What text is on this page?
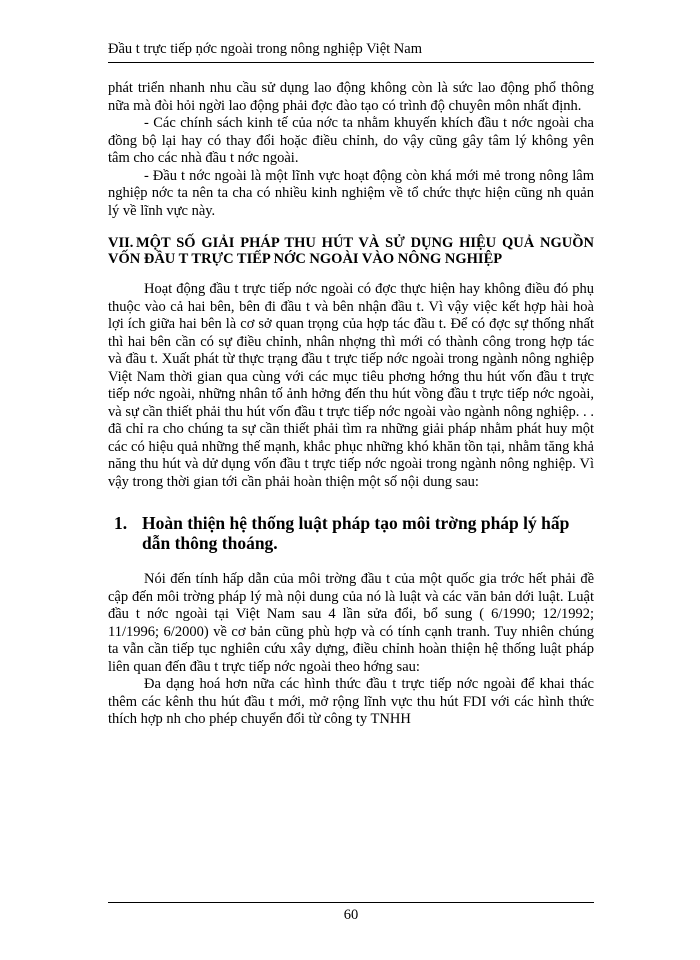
Đầu t trực tiếp ṇớc ngoài trong nông nghiệp Việt Nam

phát triển nhanh nhu cầu sử dụng lao động không còn là sức lao động phổ thông nữa mà đòi hỏi ngời lao động phải đợc đào tạo có trình độ chuyên môn nhất định.

- Các chính sách kinh tế của nớc ta nhằm khuyến khích đầu t nớc ngoài cha đồng bộ lại hay có thay đổi hoặc điều chỉnh, do vậy cũng gây tâm lý không yên tâm cho các nhà đầu t nớc ngoài.

- Đầu t nớc ngoài là một lĩnh vực hoạt động còn khá mới mẻ trong nông lâm nghiệp nớc ta nên ta cha có nhiều kinh nghiệm về tổ chức thực hiện cũng nh quản lý về lĩnh vực này.

VII. MỘT SỐ GIẢI PHÁP THU HÚT VÀ SỬ DỤNG HIỆU QUẢ NGUỒN VỐN ĐẦU T TRỰC TIẾP NỚC NGOÀI VÀO NÔNG NGHIỆP

Hoạt động đầu t trực tiếp nớc ngoài có đợc thực hiện hay không điều đó phụ thuộc vào cả hai bên, bên đi đầu t và bên nhận đầu t. Vì vậy việc kết hợp hài hoà lợi ích giữa hai bên là cơ sở quan trọng của hợp tác đầu t. Để có đợc sự thống nhất thì hai bên cần có sự điều chỉnh, nhân nhợng thì mới có thành công trong hợp tác và đầu t. Xuất phát từ thực trạng đầu t trực tiếp nớc ngoài trong ngành nông nghiệp Việt Nam thời gian qua cùng với các mục tiêu phơng hớng thu hút vốn đầu t trực tiếp nớc ngoài, những nhân tố ảnh hởng đến thu hút vồng đầu t trực tiếp nớc ngoài, và sự cần thiết phải thu hút vốn đầu t trực tiếp nớc ngoài vào ngành nông nghiệp. . . đã chỉ ra cho chúng ta sự cần thiết phải tìm ra những giải pháp nhằm phát huy một các có hiệu quả những thế mạnh, khắc phục những khó khăn tồn tại, nhằm tăng khả năng thu hút và dử dụng vốn đầu t trực tiếp nớc ngoài trong ngành nông nghiệp. Vì vậy trong thời gian tới cần phải hoàn thiện một số nội dung sau:

1. Hoàn thiện hệ thống luật pháp tạo môi trờng pháp lý hấp dẫn thông thoáng.

Nói đến tính hấp dẫn của môi trờng đầu t của một quốc gia trớc hết phải đề cập đến môi trờng pháp lý mà nội dung của nó là luật và các văn bản dới luật. Luật đầu t nớc ngoài tại Việt Nam sau 4 lần sửa đổi, bổ sung ( 6/1990; 12/1992; 11/1996; 6/2000) về cơ bản cũng phù hợp và có tính cạnh tranh. Tuy nhiên chúng ta vẫn cần tiếp tục nghiên cứu xây dựng, điều chỉnh hoàn thiện hệ thống luật pháp liên quan đến đầu t trực tiếp nớc ngoài theo hớng sau:

Đa dạng hoá hơn nữa các hình thức đầu t trực tiếp nớc ngoài để khai thác thêm các kênh thu hút đầu t mới, mở rộng lĩnh vực thu hút FDI với các hình thức thích hợp nh cho phép chuyển đổi từ công ty TNHH

60
